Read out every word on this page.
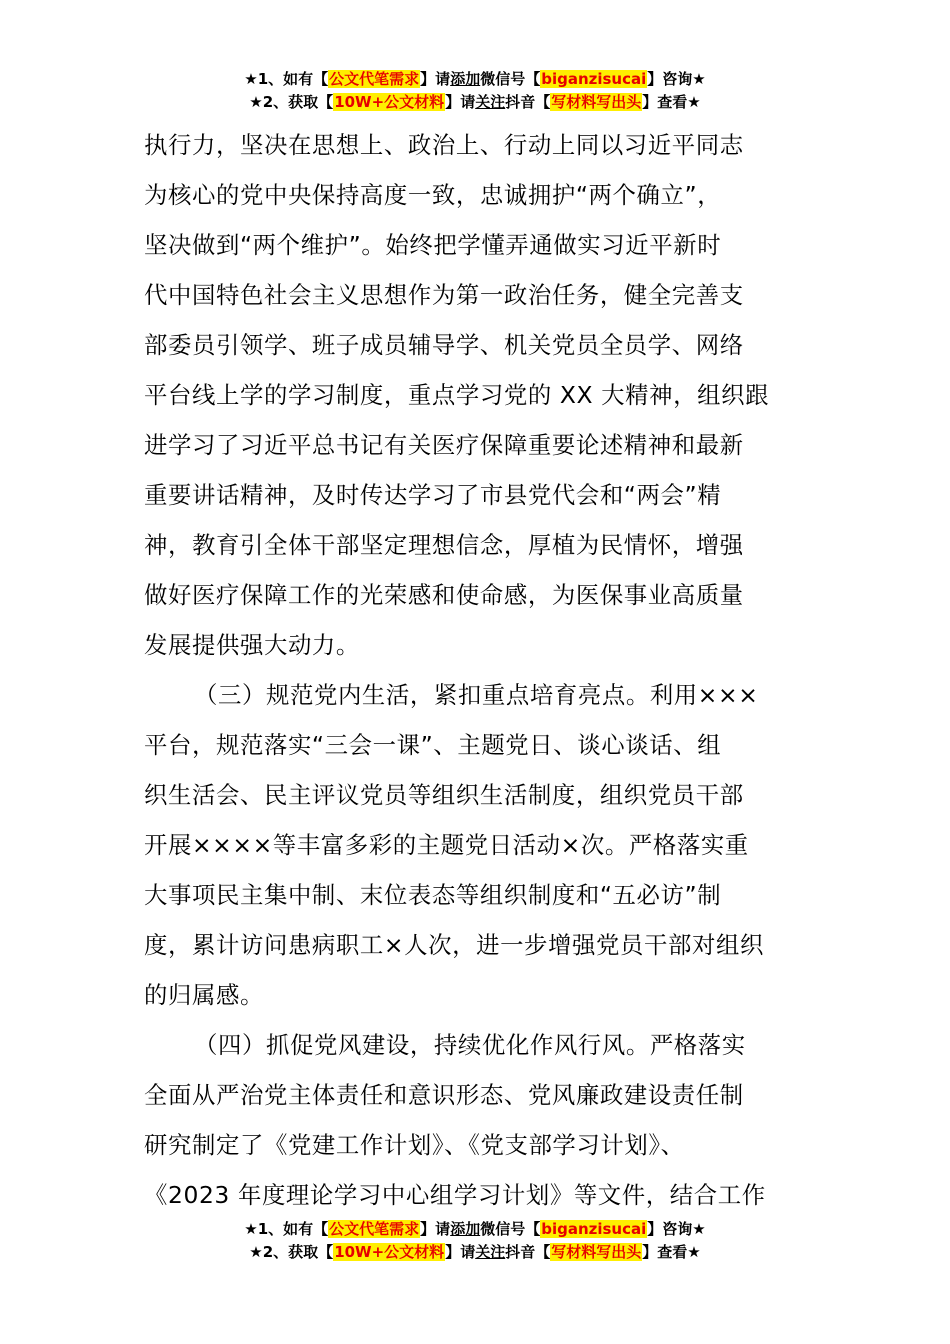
★1、如有【公文代笔需求】请添加微信号【biganzisucai】咨询★
★2、获取【10W+公文材料】请关注抖音【写材料写出头】查看★
执行力，坚决在思想上、政治上、行动上同以习近平同志
为核心的党中央保持高度一致，忠诚拥护“两个确立”，
坚决做到“两个维护”。始终把学懂弄通做实习近平新时
代中国特色社会主义思想作为第一政治任务，健全完善支
部委员引领学、班子成员辅导学、机关党员全员学、网络
平台线上学的学习制度，重点学习党的 XX 大精神，组织跟
进学习了习近平总书记有关医疗保障重要论述精神和最新
重要讲话精神，及时传达学习了市县党代会和“两会”精
神，教育引全体干部坚定理想信念，厚植为民情怀，增强
做好医疗保障工作的光荣感和使命感，为医保事业高质量
发展提供强大动力。
（三）规范党内生活，紧扣重点培育亮点。利用×××
平台，规范落实“三会一课”、主题党日、谈心谈话、组
织生活会、民主评议党员等组织生活制度，组织党员干部
开展××××等丰富多彩的主题党日活动×次。严格落实重
大事项民主集中制、末位表态等组织制度和“五必访”制
度，累计访问患病职工×人次，进一步增强党员干部对组织
的归属感。
（四）抓促党风建设，持续优化作风行风。严格落实
全面从严治党主体责任和意识形态、党风廉政建设责任制
研究制定了《党建工作计划》、《党支部学习计划》、
《2023 年度理论学习中心组学习计划》等文件，结合工作
★1、如有【公文代笔需求】请添加微信号【biganzisucai】咨询★
★2、获取【10W+公文材料】请关注抖音【写材料写出头】查看★
